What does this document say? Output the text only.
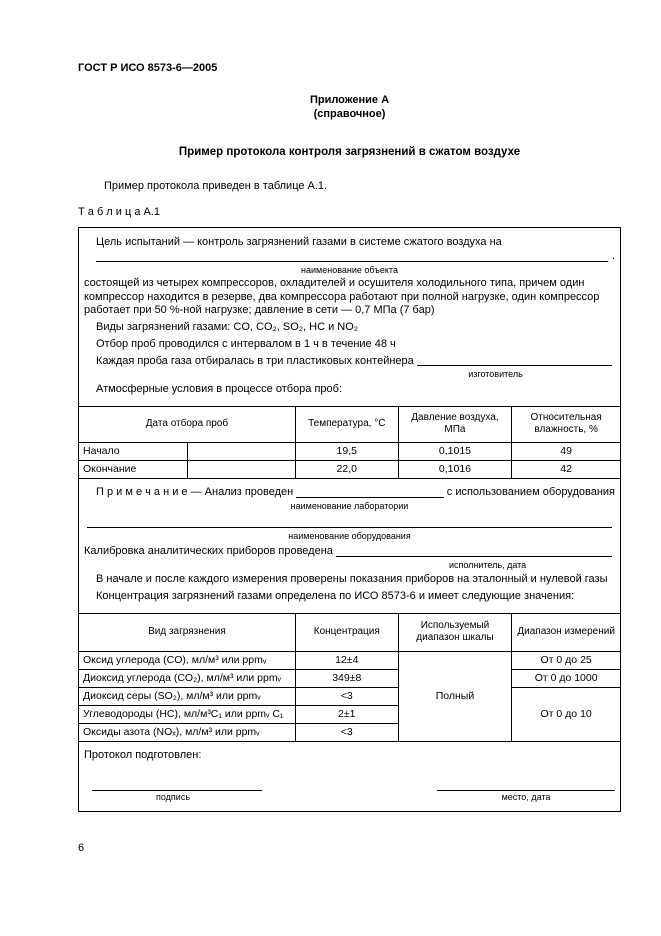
ГОСТ Р ИСО 8573-6—2005
Приложение А
(справочное)
Пример протокола контроля загрязнений в сжатом воздухе

Пример протокола приведен в таблице А.1.

Т а б л и ц а А.1

Цель испытаний — контроль загрязнений газами в системе сжатого воздуха на

.
наименование объекта

состоящей из четырех компрессоров, охладителей и осушителя холодильного типа, причем один компрессор находится в резерве, два компрессора работают при полной нагрузке, один компрессор работает при 50 %-ной нагрузке; давление в сети — 0,7 МПа (7 бар)

Виды загрязнений газами: CO, CO₂, SO₂, HC и NO₂

Отбор проб проводился с интервалом в 1 ч в течение 48 ч

Каждая проба газа отбиралась в три пластиковых контейнера
изготовитель

Атмосферные условия в процессе отбора проб:

Дата отбора проб		Температура, °С	Давление воздуха, МПа	Относительная влажность, %
Начало		19,5	0,1015	49
Окончание		22,0	0,1016	42
П р и м е ч а н и е — Анализ проведен	с использованием оборудования
наименование лаборатории
наименование оборудования
Калибровка аналитических приборов проведена
исполнитель, дата

В начале и после каждого измерения проверены показания приборов на эталонный и нулевой газы

Концентрация загрязнений газами определена по ИСО 8573-6 и имеет следующие значения:

Вид загрязнения	Концентрация	Используемый диапазон шкалы	Диапазон измерений
Оксид углерода (CO), мл/м³ или ppmᵥ	12±4	Полный	От 0 до 25
Диоксид углерода (CO₂), мл/м³ или ppmᵥ	349±8		От 0 до 1000
Диоксид серы (SO₂), мл/м³ или ppmᵥ	<3		От 0 до 10
Углеводороды (HC), мл/м³С₁ или ppmᵥ С₁	2±1		
Оксиды азота (NOₓ), мл/м³ или ppmᵥ	<3		

Протокол подготовлен:

подпись	место, дата
6
